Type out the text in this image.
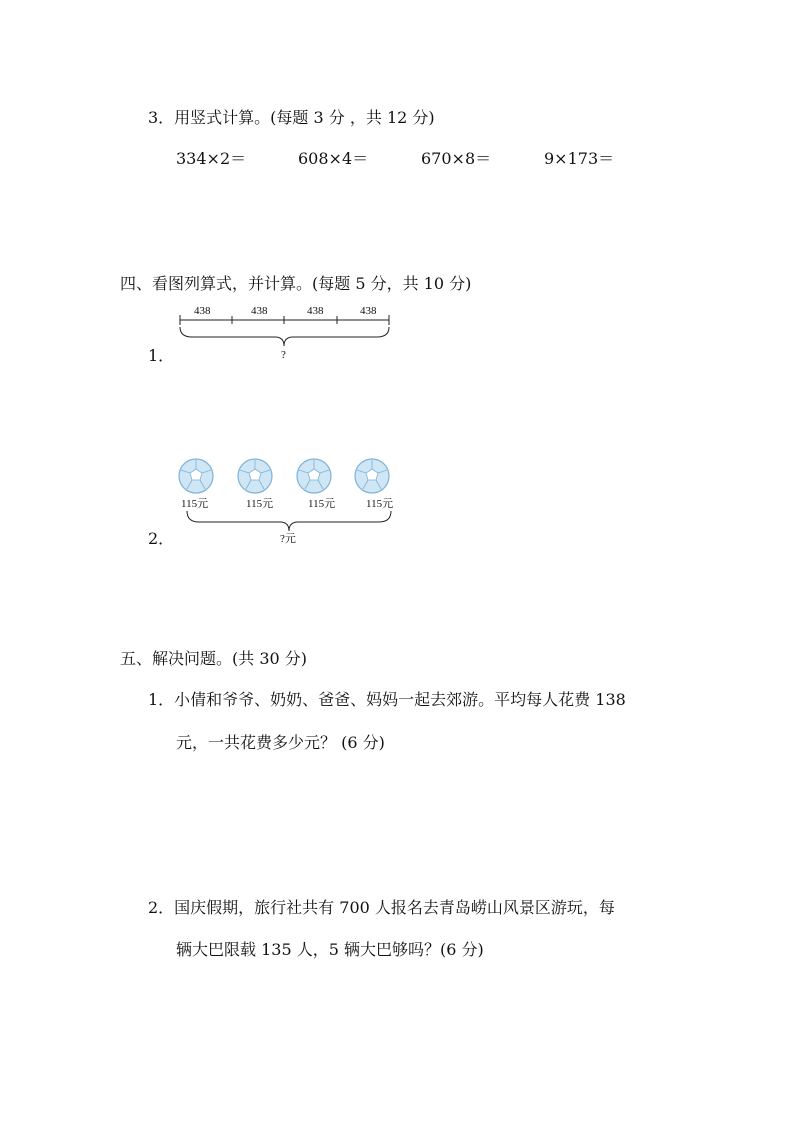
3．用竖式计算。(每题 3 分 ，共 12 分)
334×2＝	608×4＝	670×8＝	9×173＝
四、看图列算式，并计算。(每题 5 分，共 10 分)
1．
438	438	438	438
?
2．
115元	115元	115元	115元
?元
五、解决问题。(共 30 分)
1．小倩和爷爷、奶奶、爸爸、妈妈一起去郊游。平均每人花费 138
元，一共花费多少元？ (6 分)
2．国庆假期，旅行社共有 700 人报名去青岛崂山风景区游玩，每
辆大巴限载 135 人，5 辆大巴够吗？(6 分)
